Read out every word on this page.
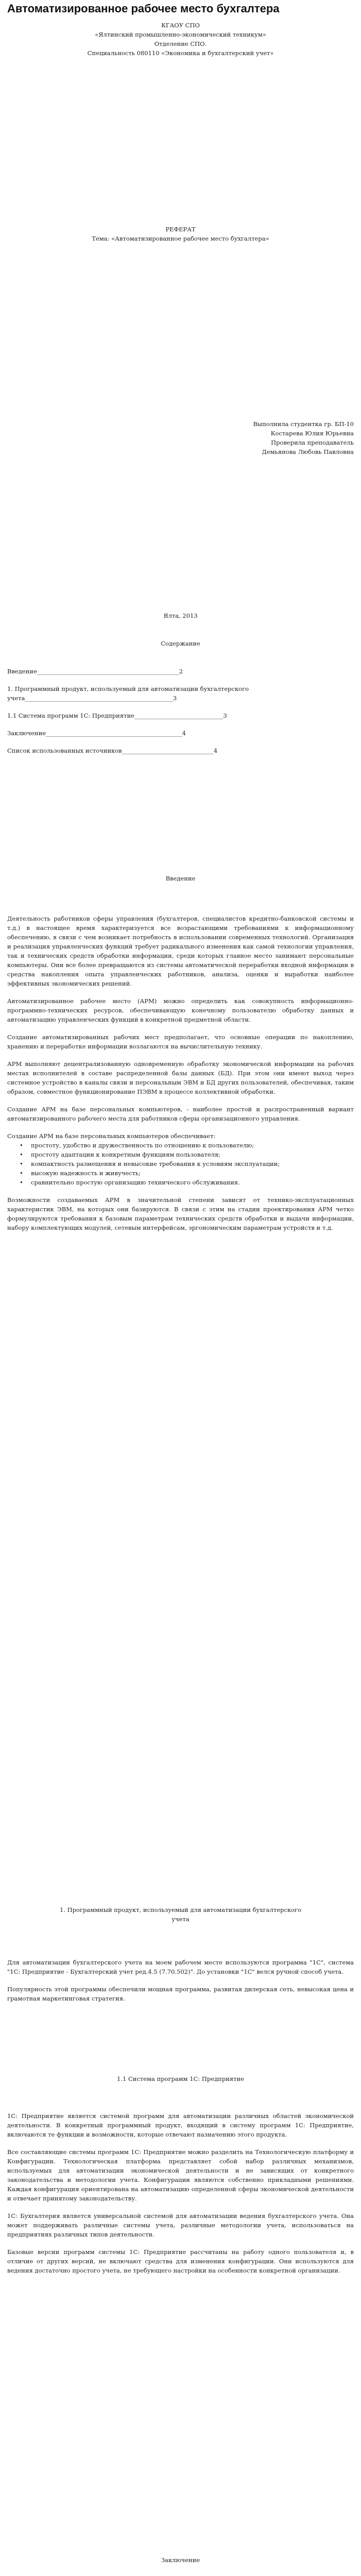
Автоматизированное рабочее место бухгалтера
КГАОУ СПО
«Ялтинский промышленно-экономический техникум»
Отделение СПО.
Специальность 080110 «Экономика и бухгалтерский учет»
РЕФЕРАТ
Тема: «Автоматизированное рабочее место бухгалтера»
Выполнила студентка гр. БП-10
Костарева Юлия Юрьевна
Проверила преподаватель
Демьянова Любовь Павловна
Ялта, 2013
Содержание
Введение________________________________________________2
1. Программный продукт, используемый для автоматизации бухгалтерского учета__________________________________________________3
1.1 Система программ 1С: Предприятие______________________________3
Заключение______________________________________________4
Список использованных источников_______________________________4
Введение

Деятельность работников сферы управления (бухгалтеров, специалистов кредитно-банковской системы и т.д.) в настоящее время характеризуется все возрастающими требованиями к информационному обеспечению, в связи с чем возникает потребность в использовании современных технологий. Организация и реализация управленческих функций требует радикального изменения как самой технологии управления, так и технических средств обработки информации, среди которых главное место занимают персональные компьютеры. Они все более превращаются из системы автоматической переработки входной информации в средства накопления опыта управленческих работников, анализа, оценки и выработки наиболее эффективных экономических решений.

Автоматизированное рабочее место (АРМ) можно определить как совокупность информационно-программно-технических ресурсов, обеспечивающую конечному пользователю обработку данных и автоматизацию управленческих функций в конкретной предметной области.

Создание автоматизированных рабочих мест предполагает, что основные операции по накоплению, хранению и переработке информации возлагаются на вычислительную технику.

АРМ выполняют децентрализованную одновременную обработку экономической информации на рабочих местах исполнителей в составе распределенной базы данных (БД). При этом они имеют выход через системное устройство в каналы связи и персональным ЭВМ и БД других пользователей, обеспечивая, таким образом, совместное функционирование ПЭВМ в процессе коллективной обработки.

Создание АРМ на базе персональных компьютеров, - наиболее простой и распространенный вариант автоматизированного рабочего места для работников сферы организационного управления.

Создание АРМ на базе персональных компьютеров обеспечивает:

• простоту, удобство и дружественность по отношению к пользователю;
• простоту адаптации к конкретным функциям пользователя;
• компактность размещения и невысокие требования к условиям эксплуатации;
• высокую надежность и живучесть;
• сравнительно простую организацию технического обслуживания.

Возможности создаваемых АРМ в значительной степени зависят от технико-эксплуатационных характеристик ЭВМ, на которых они базируются. В связи с этим на стадии проектирования АРМ четко формулируются требования к базовым параметрам технических средств обработки и выдачи информации, набору комплектующих модулей, сетевым интерфейсам, эргономическим параметрам устройств и т.д.

1. Программный продукт, используемый для автоматизации бухгалтерского учета

Для автоматизации бухгалтерского учета на моем рабочем месте используются программа "1С", система "1С: Предприятие - Бухгалтерский учет ред.4.5 (7.70.502)". До установки "1С" велся ручной способ учета.

Популярность этой программы обеспечили мощная программа, развитая дилерская сеть, невысокая цена и грамотная маркетинговая стратегия.

1.1 Система программ 1С: Предприятие

1С: Предприятие является системой программ для автоматизации различных областей экономической деятельности. В конкретный программный продукт, входящий в систему программ 1С: Предприятие, включаются те функции и возможности, которые отвечают назначению этого продукта.

Все составляющие системы программ 1С: Предприятие можно разделить на Технологическую платформу и Конфигурации. Технологическая платформа представляет собой набор различных механизмов, используемых для автоматизации экономической деятельности и не зависящих от конкретного законодательства и методологии учета. Конфигурации являются собственно прикладными решениями. Каждая конфигурация ориентирована на автоматизацию определенной сферы экономической деятельности и отвечает принятому законодательству.

1С: Бухгалтерия является универсальной системой для автоматизации ведения бухгалтерского учета. Она может поддерживать различные системы учета, различные методологии учета, использоваться на предприятиях различных типов деятельности.

Базовые версии программ системы 1С: Предприятие рассчитаны на работу одного пользователя и, в отличие от других версий, не включают средства для изменения конфигурации. Они используются для ведения достаточно простого учета, не требующего настройки на особенности конкретной организации.

Заключение
